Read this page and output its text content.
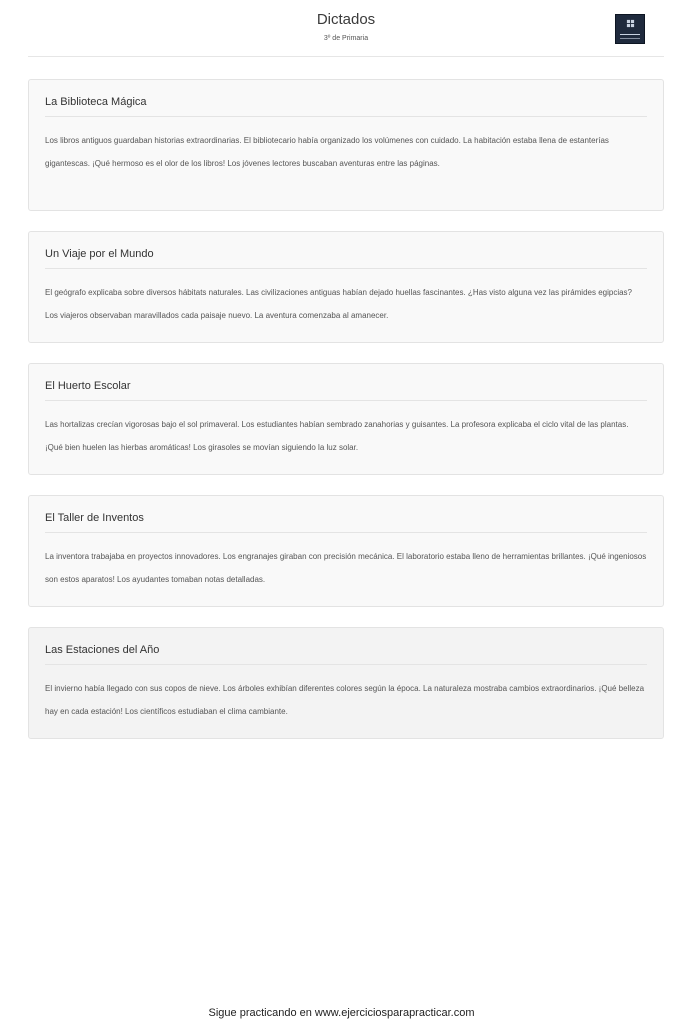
Dictados
3º de Primaria
La Biblioteca Mágica

Los libros antiguos guardaban historias extraordinarias. El bibliotecario había organizado los volúmenes con cuidado. La habitación estaba llena de estanterías gigantescas. ¡Qué hermoso es el olor de los libros! Los jóvenes lectores buscaban aventuras entre las páginas.

Un Viaje por el Mundo

El geógrafo explicaba sobre diversos hábitats naturales. Las civilizaciones antiguas habían dejado huellas fascinantes. ¿Has visto alguna vez las pirámides egipcias? Los viajeros observaban maravillados cada paisaje nuevo. La aventura comenzaba al amanecer.

El Huerto Escolar

Las hortalizas crecían vigorosas bajo el sol primaveral. Los estudiantes habían sembrado zanahorias y guisantes. La profesora explicaba el ciclo vital de las plantas. ¡Qué bien huelen las hierbas aromáticas! Los girasoles se movían siguiendo la luz solar.

El Taller de Inventos

La inventora trabajaba en proyectos innovadores. Los engranajes giraban con precisión mecánica. El laboratorio estaba lleno de herramientas brillantes. ¡Qué ingeniosos son estos aparatos! Los ayudantes tomaban notas detalladas.

Las Estaciones del Año

El invierno había llegado con sus copos de nieve. Los árboles exhibían diferentes colores según la época. La naturaleza mostraba cambios extraordinarios. ¡Qué belleza hay en cada estación! Los científicos estudiaban el clima cambiante.

Sigue practicando en www.ejerciciosparapracticar.com
